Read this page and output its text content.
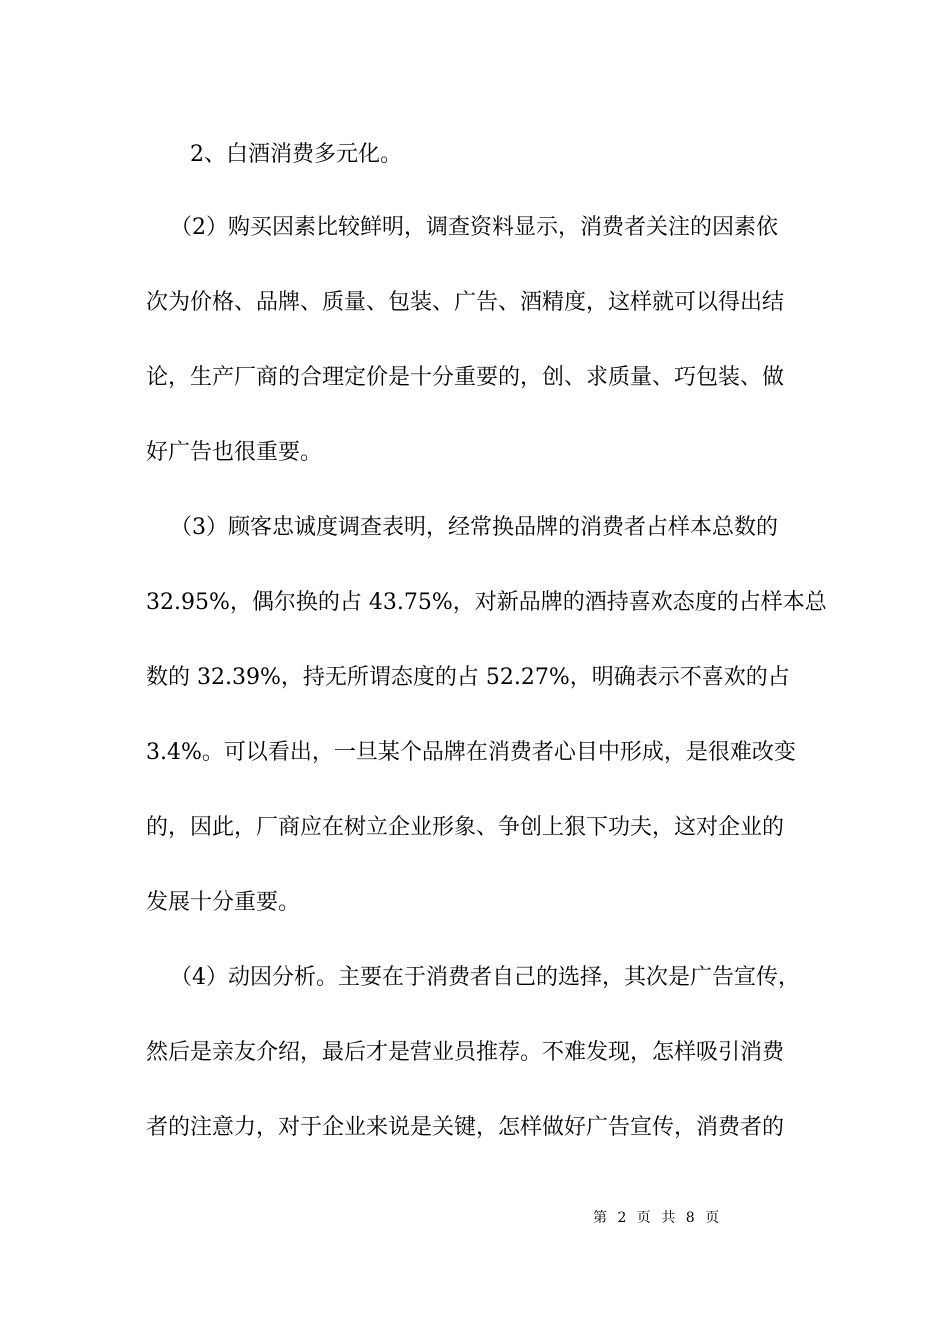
2、白酒消费多元化。
（2）购买因素比较鲜明，调查资料显示，消费者关注的因素依
次为价格、品牌、质量、包装、广告、酒精度，这样就可以得出结
论，生产厂商的合理定价是十分重要的，创、求质量、巧包装、做
好广告也很重要。
（3）顾客忠诚度调查表明，经常换品牌的消费者占样本总数的
32.95%，偶尔换的占 43.75%，对新品牌的酒持喜欢态度的占样本总
数的 32.39%，持无所谓态度的占 52.27%，明确表示不喜欢的占
3.4%。可以看出，一旦某个品牌在消费者心目中形成，是很难改变
的，因此，厂商应在树立企业形象、争创上狠下功夫，这对企业的
发展十分重要。
（4）动因分析。主要在于消费者自己的选择，其次是广告宣传，
然后是亲友介绍，最后才是营业员推荐。不难发现，怎样吸引消费
者的注意力，对于企业来说是关键，怎样做好广告宣传，消费者的
第 2 页 共 8 页
